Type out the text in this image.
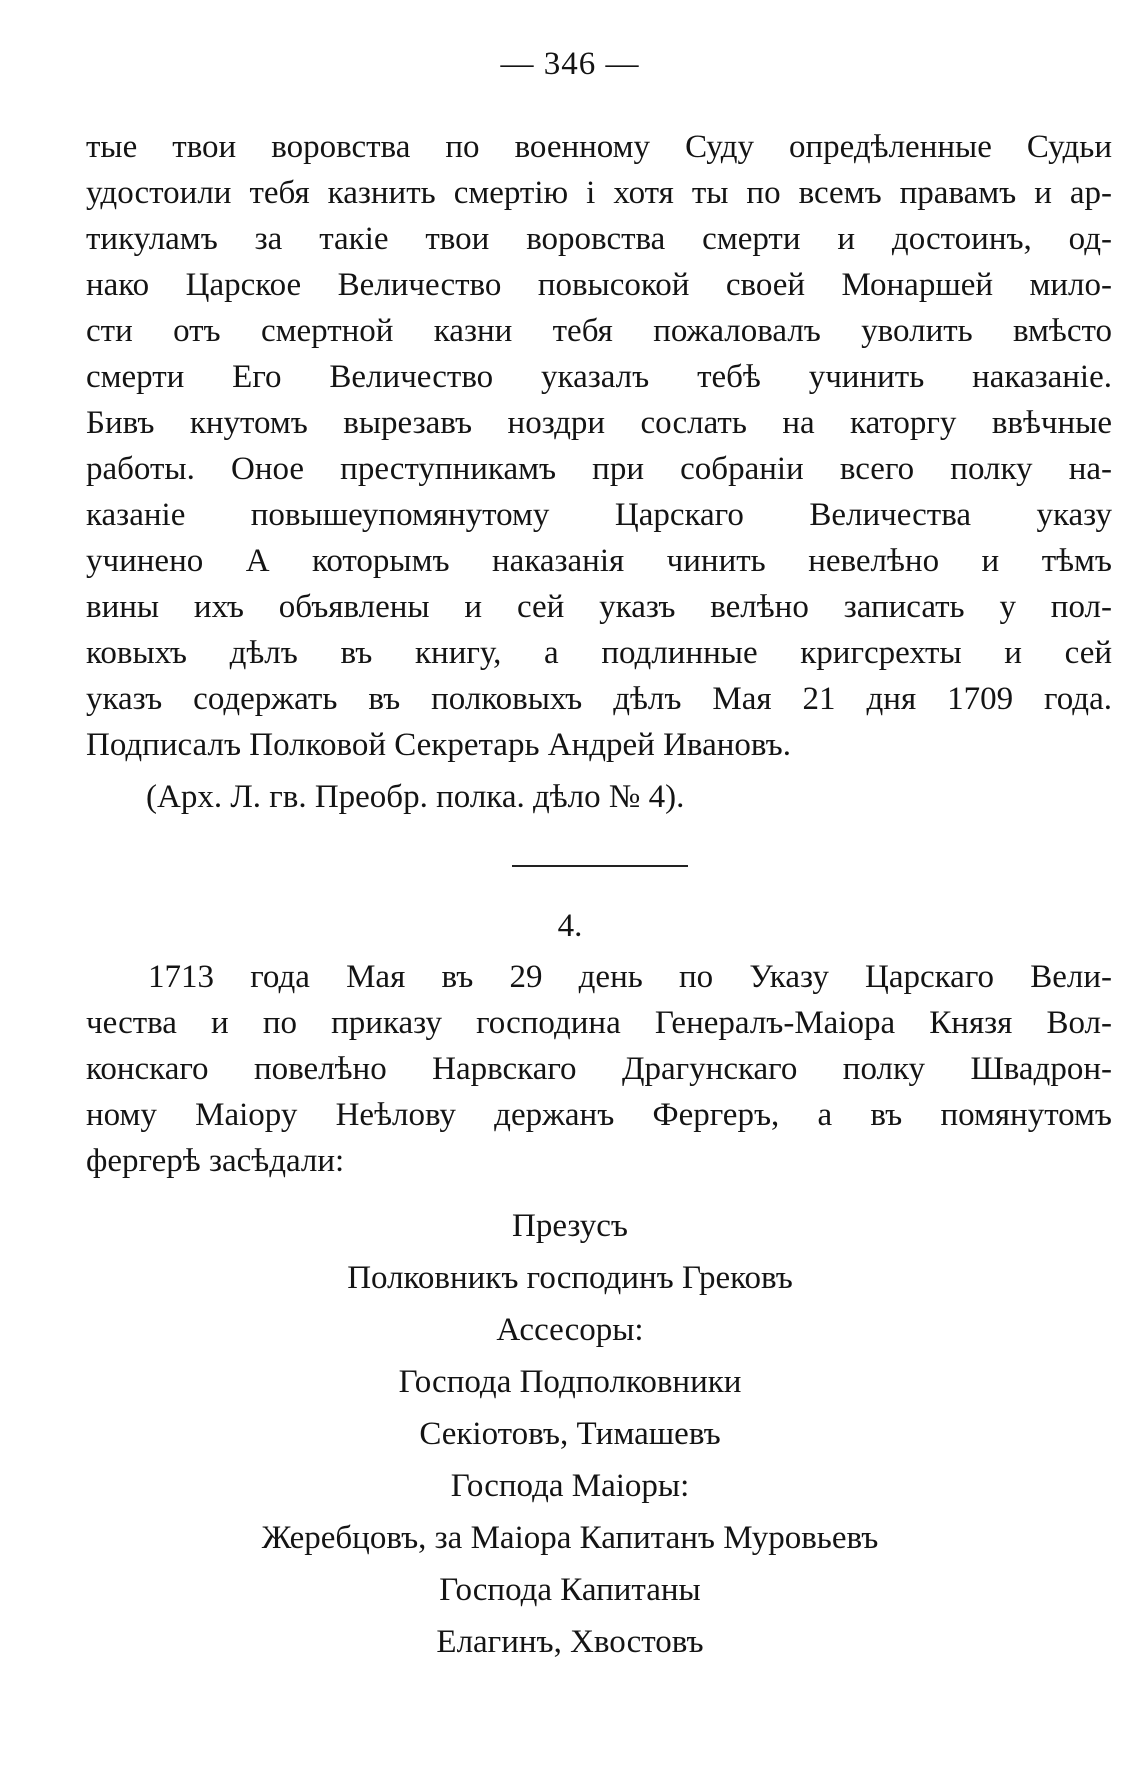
— 346 —
тые твои воровства по военному Суду опредѣленные Судьи
удостоили тебя казнить смертію і хотя ты по всемъ правамъ и ар-
тикуламъ за такіе твои воровства смерти и достоинъ, од-
нако Царское Величество повысокой своей Монаршей мило-
сти отъ смертной казни тебя пожаловалъ уволить вмѣсто
смерти Его Величество указалъ тебѣ учинить наказаніе.
Бивъ кнутомъ вырезавъ ноздри сослать на каторгу ввѣчные
работы. Оное преступникамъ при собраніи всего полку на-
казаніе повышеупомянутому Царскаго Величества указу
учинено А которымъ наказанія чинить невелѣно и тѣмъ
вины ихъ объявлены и сей указъ велѣно записать у пол-
ковыхъ дѣлъ въ книгу, а подлинные кригсрехты и сей
указъ содержать въ полковыхъ дѣлъ Мая 21 дня 1709 года.
Подписалъ Полковой Секретарь Андрей Ивановъ.
(Арх. Л. гв. Преобр. полка. дѣло № 4).
4.
1713 года Мая въ 29 день по Указу Царскаго Вели-
чества и по приказу господина Генералъ-Маіора Князя Вол-
конскаго повелѣно Нарвскаго Драгунскаго полку Швадрон-
ному Маіору Неѣлову держанъ Фергеръ, а въ помянутомъ
фергерѣ засѣдали:
Презусъ
Полковникъ господинъ Грековъ
Ассесоры:
Господа Подполковники
Секіотовъ, Тимашевъ
Господа Маіоры:
Жеребцовъ, за Маіора Капитанъ Муровьевъ
Господа Капитаны
Елагинъ, Хвостовъ
